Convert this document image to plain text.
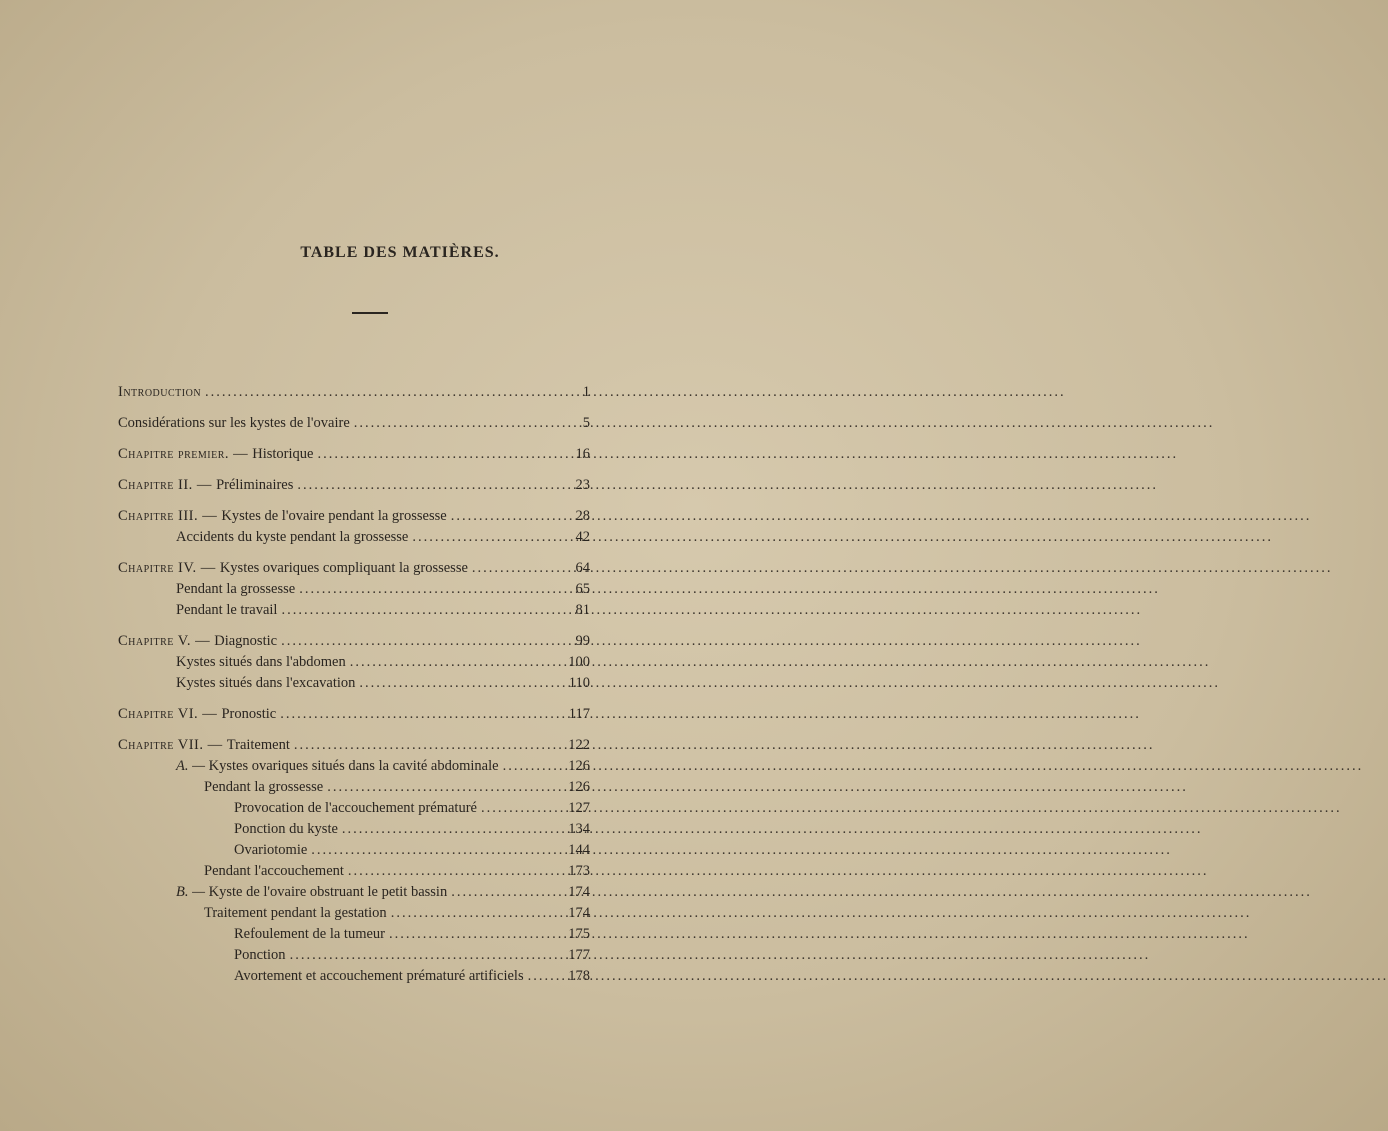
TABLE DES MATIÈRES.
Introduction .....	1
Considérations sur les kystes de l'ovaire .....	5
Chapitre premier. — Historique .....	16
Chapitre II. — Préliminaires .....	23
Chapitre III. — Kystes de l'ovaire pendant la grossesse .....	28
Accidents du kyste pendant la grossesse .....	42
Chapitre IV. — Kystes ovariques compliquant la grossesse .....	64
Pendant la grossesse .....	65
Pendant le travail .....	81
Chapitre V. — Diagnostic .....	99
Kystes situés dans l'abdomen .....	100
Kystes situés dans l'excavation .....	110
Chapitre VI. — Pronostic .....	117
Chapitre VII. — Traitement .....	122
A. — Kystes ovariques situés dans la cavité abdominale .....	126
Pendant la grossesse .....	126
Provocation de l'accouchement prématuré .....	127
Ponction du kyste .....	134
Ovariotomie .....	144
Pendant l'accouchement .....	173
B. — Kyste de l'ovaire obstruant le petit bassin .....	174
Traitement pendant la gestation .....	174
Refoulement de la tumeur .....	175
Ponction .....	177
Avortement et accouchement prématuré artificiels .....	178
